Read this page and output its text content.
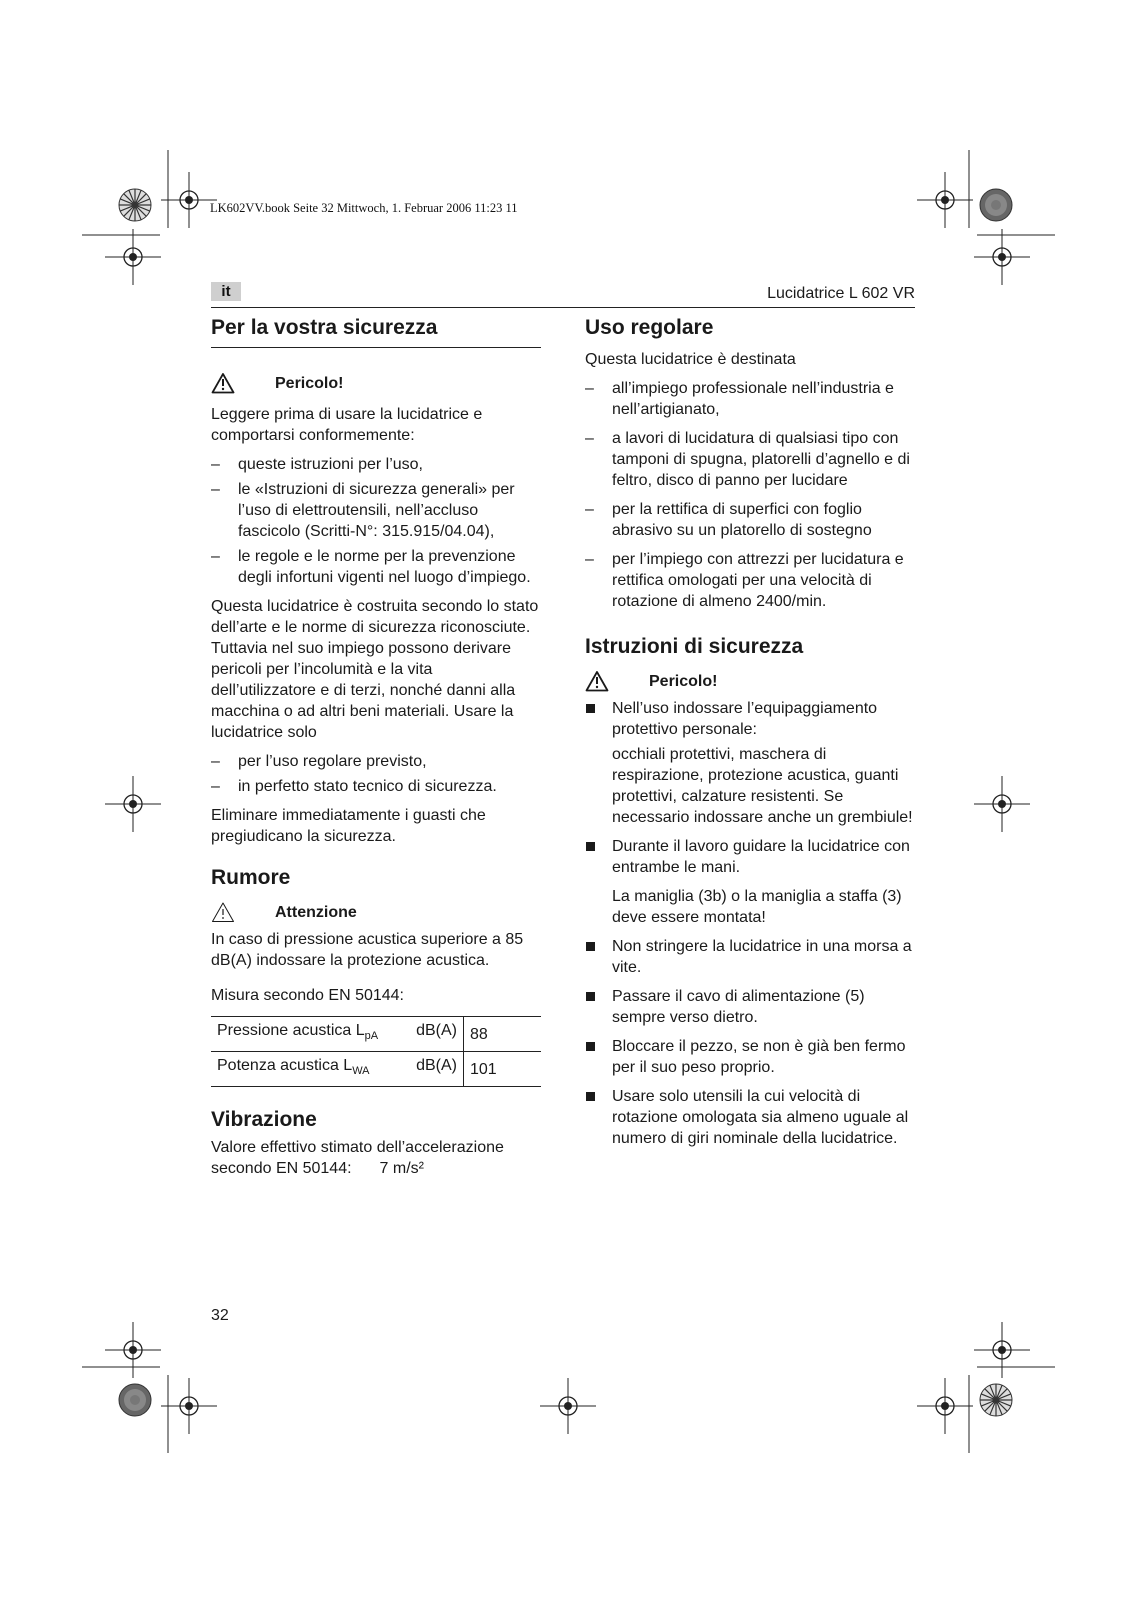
LK602VV.book Seite 32 Mittwoch, 1. Februar 2006 11:23 11
it	Lucidatrice L 602 VR
Per la vostra sicurezza
Pericolo!

Leggere prima di usare la lucidatrice e comportarsi conformemente:

– queste istruzioni per l’uso,
– le «Istruzioni di sicurezza generali» per l’uso di elettroutensili, nell’accluso fascicolo (Scritti-N°: 315.915/04.04),
– le regole e le norme per la prevenzione degli infortuni vigenti nel luogo d’impiego.

Questa lucidatrice è costruita secondo lo stato dell’arte e le norme di sicurezza riconosciute. Tuttavia nel suo impiego possono derivare pericoli per l’incolumità e la vita dell’utilizzatore e di terzi, nonché danni alla macchina o ad altri beni materiali. Usare la lucidatrice solo

– per l’uso regolare previsto,
– in perfetto stato tecnico di sicurezza.

Eliminare immediatamente i guasti che pregiudicano la sicurezza.

Rumore
Attenzione

In caso di pressione acustica superiore a 85 dB(A) indossare la protezione acustica.

Misura secondo EN 50144:

Pressione acustica $L_{pA}$ dB(A)	88

Potenza acustica $L_{WA}$ dB(A)	101
Vibrazione

Valore effettivo stimato dell’accelerazione

secondo EN 50144: 7 m/s²

Uso regolare

Questa lucidatrice è destinata

– all’impiego professionale nell’industria e nell’artigianato,
– a lavori di lucidatura di qualsiasi tipo con tamponi di spugna, platorelli d’agnello e di feltro, disco di panno per lucidare
– per la rettifica di superfici con foglio abrasivo su un platorello di sostegno
– per l’impiego con attrezzi per lucidatura e rettifica omologati per una velocità di rotazione di almeno 2400/min.
Istruzioni di sicurezza
Pericolo!
Nell’uso indossare l’equipaggiamento protettivo personale:

occhiali protettivi, maschera di respirazione, protezione acustica, guanti protettivi, calzature resistenti. Se necessario indossare anche un grembiule!

Durante il lavoro guidare la lucidatrice con entrambe le mani.

La maniglia (3b) o la maniglia a staffa (3) deve essere montata!

Non stringere la lucidatrice in una morsa a vite.
Passare il cavo di alimentazione (5) sempre verso dietro.
Bloccare il pezzo, se non è già ben fermo per il suo peso proprio.
Usare solo utensili la cui velocità di rotazione omologata sia almeno uguale al numero di giri nominale della lucidatrice.
32
